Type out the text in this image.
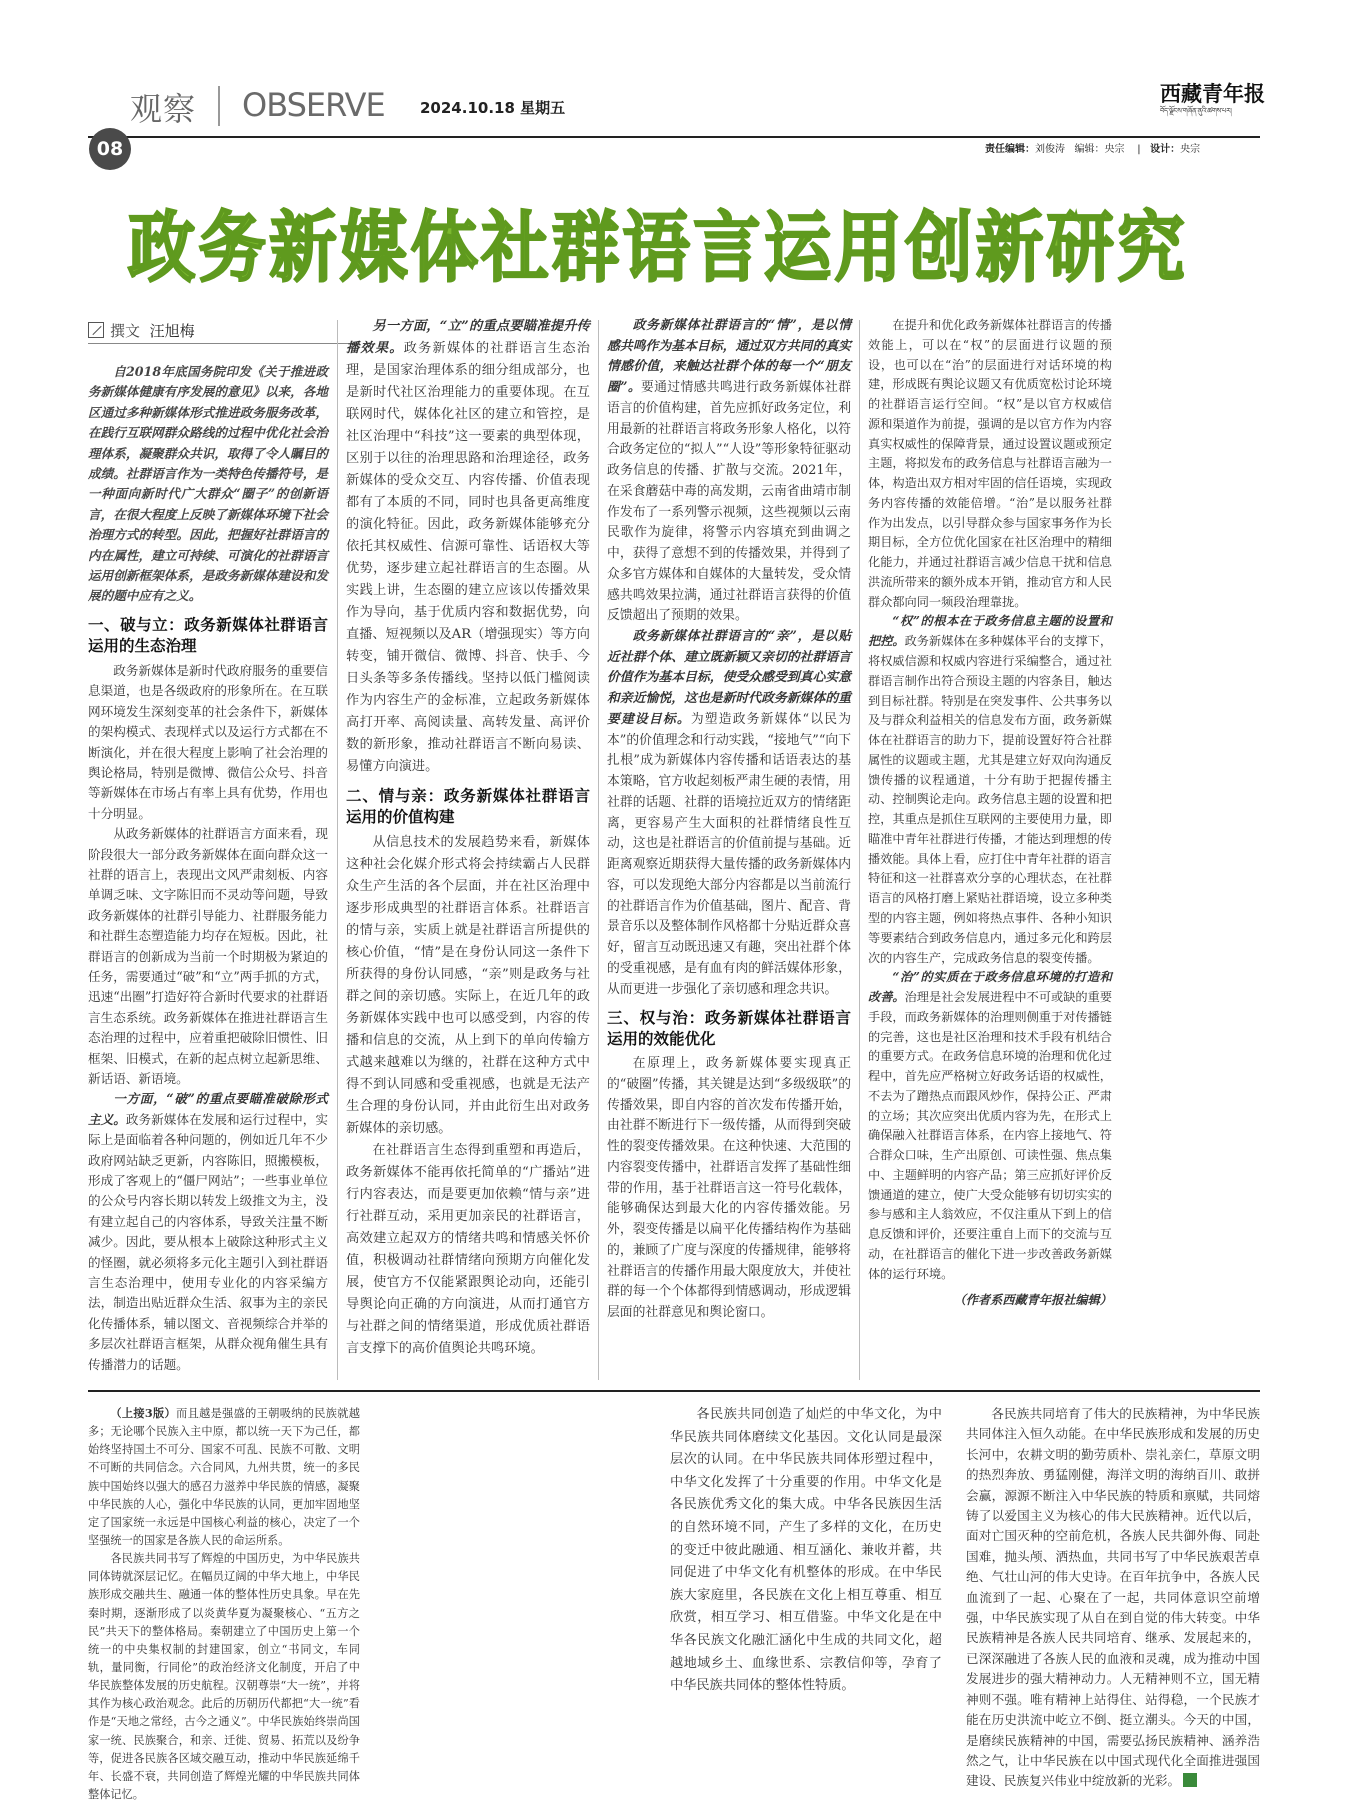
观察 OBSERVE 2024.10.18 星期五
西藏青年报
བོད་ལྗོངས་གཞོན་ནུའི་ཚགས་པར།
08	责任编辑：刘俊涛 编辑：央宗    |   设计：央宗
政务新媒体社群语言运用创新研究
撰文 汪旭梅

自2018年底国务院印发《关于推进政务新媒体健康有序发展的意见》以来，各地区通过多种新媒体形式推进政务服务改革，在践行互联网群众路线的过程中优化社会治理体系，凝聚群众共识，取得了令人瞩目的成绩。社群语言作为一类特色传播符号，是一种面向新时代广大群众“圈子”的创新语言，在很大程度上反映了新媒体环境下社会治理方式的转型。因此，把握好社群语言的内在属性，建立可持续、可演化的社群语言运用创新框架体系，是政务新媒体建设和发展的题中应有之义。

一、破与立：政务新媒体社群语言运用的生态治理

政务新媒体是新时代政府服务的重要信息渠道，也是各级政府的形象所在。在互联网环境发生深刻变革的社会条件下，新媒体的架构模式、表现样式以及运行方式都在不断演化，并在很大程度上影响了社会治理的舆论格局，特别是微博、微信公众号、抖音等新媒体在市场占有率上具有优势，作用也十分明显。

从政务新媒体的社群语言方面来看，现阶段很大一部分政务新媒体在面向群众这一社群的语言上，表现出文风严肃刻板、内容单调乏味、文字陈旧而不灵动等问题，导致政务新媒体的社群引导能力、社群服务能力和社群生态塑造能力均存在短板。因此，社群语言的创新成为当前一个时期极为紧迫的任务，需要通过“破”和“立”两手抓的方式，迅速“出圈”打造好符合新时代要求的社群语言生态系统。政务新媒体在推进社群语言生态治理的过程中，应着重把破除旧惯性、旧框架、旧模式，在新的起点树立起新思维、新话语、新语境。

一方面，“破”的重点要瞄准破除形式主义。政务新媒体在发展和运行过程中，实际上是面临着各种问题的，例如近几年不少政府网站缺乏更新，内容陈旧，照搬模板，形成了客观上的“僵尸网站”；一些事业单位的公众号内容长期以转发上级推文为主，没有建立起自己的内容体系，导致关注量不断减少。因此，要从根本上破除这种形式主义的怪圈，就必须将多元化主题引入到社群语言生态治理中，使用专业化的内容采编方法，制造出贴近群众生活、叙事为主的亲民化传播体系，辅以图文、音视频综合并举的多层次社群语言框架，从群众视角催生具有传播潜力的话题。

另一方面，“立”的重点要瞄准提升传播效果。政务新媒体的社群语言生态治理，是国家治理体系的细分组成部分，也是新时代社区治理能力的重要体现。在互联网时代，媒体化社区的建立和管控，是社区治理中“科技”这一要素的典型体现，区别于以往的治理思路和治理途径，政务新媒体的受众交互、内容传播、价值表现都有了本质的不同，同时也具备更高维度的演化特征。因此，政务新媒体能够充分依托其权威性、信源可靠性、话语权大等优势，逐步建立起社群语言的生态圈。从实践上讲，生态圈的建立应该以传播效果作为导向，基于优质内容和数据优势，向直播、短视频以及AR（增强现实）等方向转变，铺开微信、微博、抖音、快手、今日头条等多条传播线。坚持以低门槛阅读作为内容生产的金标准，立起政务新媒体高打开率、高阅读量、高转发量、高评价数的新形象，推动社群语言不断向易读、易懂方向演进。

二、情与亲：政务新媒体社群语言运用的价值构建

从信息技术的发展趋势来看，新媒体这种社会化媒介形式将会持续霸占人民群众生产生活的各个层面，并在社区治理中逐步形成典型的社群语言体系。社群语言的情与亲，实质上就是社群语言所提供的核心价值，“情”是在身份认同这一条件下所获得的身份认同感，“亲”则是政务与社群之间的亲切感。实际上，在近几年的政务新媒体实践中也可以感受到，内容的传播和信息的交流，从上到下的单向传输方式越来越难以为继的，社群在这种方式中得不到认同感和受重视感，也就是无法产生合理的身份认同，并由此衍生出对政务新媒体的亲切感。

在社群语言生态得到重塑和再造后，政务新媒体不能再依托简单的“广播站”进行内容表达，而是要更加依赖“情与亲”进行社群互动，采用更加亲民的社群语言，高效建立起双方的情绪共鸣和情感关怀价值，积极调动社群情绪向预期方向催化发展，使官方不仅能紧跟舆论动向，还能引导舆论向正确的方向演进，从而打通官方与社群之间的情绪渠道，形成优质社群语言支撑下的高价值舆论共鸣环境。

政务新媒体社群语言的“情”，是以情感共鸣作为基本目标，通过双方共同的真实情感价值，来触达社群个体的每一个“朋友圈”。要通过情感共鸣进行政务新媒体社群语言的价值构建，首先应抓好政务定位，利用最新的社群语言将政务形象人格化，以符合政务定位的“拟人”“人设”等形象特征驱动政务信息的传播、扩散与交流。2021年，在采食蘑菇中毒的高发期，云南省曲靖市制作发布了一系列警示视频，这些视频以云南民歌作为旋律，将警示内容填充到曲调之中，获得了意想不到的传播效果，并得到了众多官方媒体和自媒体的大量转发，受众情感共鸣效果拉满，通过社群语言获得的价值反馈超出了预期的效果。

政务新媒体社群语言的“亲”，是以贴近社群个体、建立既新颖又亲切的社群语言价值作为基本目标，使受众感受到真心实意和亲近愉悦，这也是新时代政务新媒体的重要建设目标。为塑造政务新媒体“以民为本”的价值理念和行动实践，“接地气”“向下扎根”成为新媒体内容传播和话语表达的基本策略，官方收起刻板严肃生硬的表情，用社群的话题、社群的语境拉近双方的情绪距离，更容易产生大面积的社群情绪良性互动，这也是社群语言的价值前提与基础。近距离观察近期获得大量传播的政务新媒体内容，可以发现绝大部分内容都是以当前流行的社群语言作为价值基础，图片、配音、背景音乐以及整体制作风格都十分贴近群众喜好，留言互动既迅速又有趣，突出社群个体的受重视感，是有血有肉的鲜活媒体形象，从而更进一步强化了亲切感和理念共识。

三、权与治：政务新媒体社群语言运用的效能优化

在原理上，政务新媒体要实现真正的“破圈”传播，其关键是达到“多级级联”的传播效果，即自内容的首次发布传播开始，由社群不断进行下一级传播，从而得到突破性的裂变传播效果。在这种快速、大范围的内容裂变传播中，社群语言发挥了基础性细带的作用，基于社群语言这一符号化载体，能够确保达到最大化的内容传播效能。另外，裂变传播是以扁平化传播结构作为基础的，兼顾了广度与深度的传播规律，能够将社群语言的传播作用最大限度放大，并使社群的每一个个体都得到情感调动，形成逻辑层面的社群意见和舆论窗口。

在提升和优化政务新媒体社群语言的传播效能上，可以在“权”的层面进行议题的预设，也可以在“治”的层面进行对话环境的构建，形成既有舆论议题又有优质宽松讨论环境的社群语言运行空间。“权”是以官方权威信源和渠道作为前提，强调的是以官方作为内容真实权威性的保障背景，通过设置议题或预定主题，将拟发布的政务信息与社群语言融为一体，构造出双方相对牢固的信任语境，实现政务内容传播的效能倍增。“治”是以服务社群作为出发点，以引导群众参与国家事务作为长期目标，全方位优化国家在社区治理中的精细化能力，并通过社群语言减少信息干扰和信息洪流所带来的额外成本开销，推动官方和人民群众都向同一频段治理靠拢。

“权”的根本在于政务信息主题的设置和把控。政务新媒体在多种媒体平台的支撑下，将权威信源和权威内容进行采编整合，通过社群语言制作出符合预设主题的内容条目，触达到目标社群。特别是在突发事件、公共事务以及与群众利益相关的信息发布方面，政务新媒体在社群语言的助力下，提前设置好符合社群属性的议题或主题，尤其是建立好双向沟通反馈传播的议程通道，十分有助于把握传播主动、控制舆论走向。政务信息主题的设置和把控，其重点是抓住互联网的主要使用力量，即瞄准中青年社群进行传播，才能达到理想的传播效能。具体上看，应打住中青年社群的语言特征和这一社群喜欢分享的心理状态，在社群语言的风格打磨上紧贴社群语境，设立多种类型的内容主题，例如将热点事件、各种小知识等要素结合到政务信息内，通过多元化和跨层次的内容生产，完成政务信息的裂变传播。

“治”的实质在于政务信息环境的打造和改善。治理是社会发展进程中不可或缺的重要手段，而政务新媒体的治理则侧重于对传播链的完善，这也是社区治理和技术手段有机结合的重要方式。在政务信息环境的治理和优化过程中，首先应严格树立好政务话语的权威性，不去为了蹭热点而跟风炒作，保持公正、严肃的立场；其次应突出优质内容为先，在形式上确保融入社群语言体系，在内容上接地气、符合群众口味，生产出原创、可读性强、焦点集中、主题鲜明的内容产品；第三应抓好评价反馈通道的建立，使广大受众能够有切切实实的参与感和主人翁效应，不仅注重从下到上的信息反馈和评价，还要注重自上而下的交流与互动，在社群语言的催化下进一步改善政务新媒体的运行环境。

（作者系西藏青年报社编辑）

（上接3版）而且越是强盛的王朝吸纳的民族就越多；无论哪个民族入主中原，都以统一天下为己任，都始终坚持国土不可分、国家不可乱、民族不可散、文明不可断的共同信念。六合同风，九州共贯，统一的多民族中国始终以强大的感召力滋养中华民族的情感，凝聚中华民族的人心，强化中华民族的认同，更加牢固地坚定了国家统一永远是中国核心利益的核心，决定了一个坚强统一的国家是各族人民的命运所系。

各民族共同书写了辉煌的中国历史，为中华民族共同体铸就深层记忆。在幅员辽阔的中华大地上，中华民族形成交融共生、融通一体的整体性历史具象。早在先秦时期，逐渐形成了以炎黄华夏为凝聚核心、“五方之民”共天下的整体格局。秦朝建立了中国历史上第一个统一的中央集权制的封建国家，创立“书同文，车同轨，量同衡，行同伦”的政治经济文化制度，开启了中华民族整体发展的历史航程。汉朝尊崇“大一统”，并将其作为核心政治观念。此后的历朝历代都把“大一统”看作是“天地之常经，古今之通义”。中华民族始终崇尚国家一统、民族聚合，和亲、迁徙、贸易、拓荒以及纷争等，促进各民族各区域交融互动，推动中华民族延绵千年、长盛不衰，共同创造了辉煌光耀的中华民族共同体整体记忆。

各民族共同创造了灿烂的中华文化，为中华民族共同体磨续文化基因。文化认同是最深层次的认同。在中华民族共同体形塑过程中，中华文化发挥了十分重要的作用。中华文化是各民族优秀文化的集大成。中华各民族因生活的自然环境不同，产生了多样的文化，在历史的变迁中彼此融通、相互涵化、兼收并蓄，共同促进了中华文化有机整体的形成。在中华民族大家庭里，各民族在文化上相互尊重、相互欣赏，相互学习、相互借鉴。中华文化是在中华各民族文化融汇涵化中生成的共同文化，超越地域乡土、血缘世系、宗教信仰等，孕育了中华民族共同体的整体性特质。

各民族共同培育了伟大的民族精神，为中华民族共同体注入恒久动能。在中华民族形成和发展的历史长河中，农耕文明的勤劳质朴、崇礼亲仁，草原文明的热烈奔放、勇猛刚健，海洋文明的海纳百川、敢拼会赢，源源不断注入中华民族的特质和禀赋，共同熔铸了以爱国主义为核心的伟大民族精神。近代以后，面对亡国灭种的空前危机，各族人民共御外侮、同赴国难，抛头颅、洒热血，共同书写了中华民族艰苦卓绝、气壮山河的伟大史诗。在百年抗争中，各族人民血流到了一起、心聚在了一起，共同体意识空前增强，中华民族实现了从自在到自觉的伟大转变。中华民族精神是各族人民共同培育、继承、发展起来的，已深深融进了各族人民的血液和灵魂，成为推动中国发展进步的强大精神动力。人无精神则不立，国无精神则不强。唯有精神上站得住、站得稳，一个民族才能在历史洪流中屹立不倒、挺立潮头。今天的中国，是磨续民族精神的中国，需要弘扬民族精神、涵养浩然之气，让中华民族在以中国式现代化全面推进强国建设、民族复兴伟业中绽放新的光彩。
